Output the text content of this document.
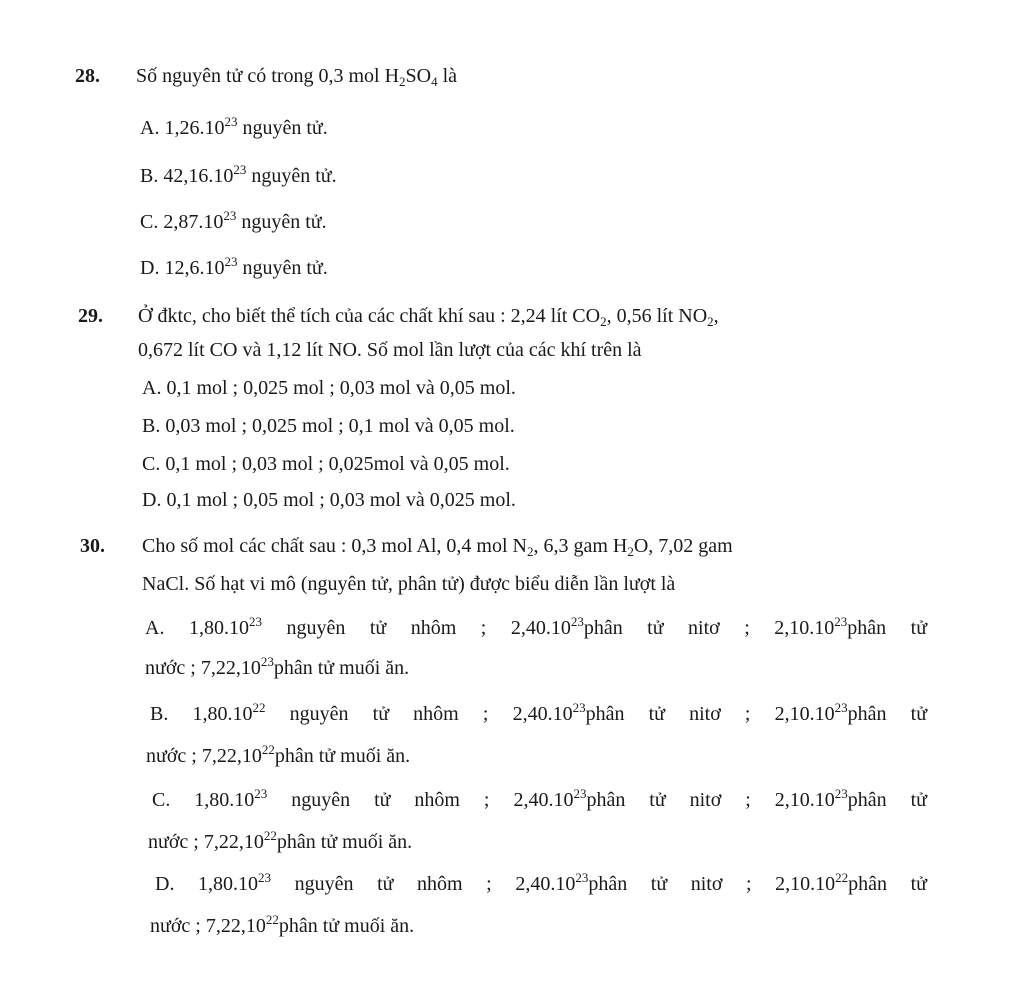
28. Số nguyên tử có trong 0,3 mol $H_2SO_4$ là
A. 1,26.10$^{23}$ nguyên tử.
B. 42,16.10$^{23}$ nguyên tử.
C. 2,87.10$^{23}$ nguyên tử.
D. 12,6.10$^{23}$ nguyên tử.
29. Ở đktc, cho biết thể tích của các chất khí sau : 2,24 lít $CO_2$, 0,56 lít $NO_2$,
0,672 lít CO và 1,12 lít NO. Số mol lần lượt của các khí trên là
A. 0,1 mol ; 0,025 mol ; 0,03 mol và 0,05 mol.
B. 0,03 mol ; 0,025 mol ; 0,1 mol và 0,05 mol.
C. 0,1 mol ; 0,03 mol ; 0,025mol và 0,05 mol.
D. 0,1 mol ; 0,05 mol ; 0,03 mol và 0,025 mol.
30. Cho số mol các chất sau : 0,3 mol Al, 0,4 mol $N_2$, 6,3 gam $H_2O$, 7,02 gam
NaCl. Số hạt vi mô (nguyên tử, phân tử) được biểu diễn lần lượt là
A. 1,80.10$^{23}$ nguyên tử nhôm ; 2,40.10$^{23}$phân tử nitơ ; 2,10.10$^{23}$phân tử
nước ; 7,22,10$^{23}$phân tử muối ăn.
B. 1,80.10$^{22}$ nguyên tử nhôm ; 2,40.10$^{23}$phân tử nitơ ; 2,10.10$^{23}$phân tử
nước ; 7,22,10$^{22}$phân tử muối ăn.
C. 1,80.10$^{23}$ nguyên tử nhôm ; 2,40.10$^{23}$phân tử nitơ ; 2,10.10$^{23}$phân tử
nước ; 7,22,10$^{22}$phân tử muối ăn.
D. 1,80.10$^{23}$ nguyên tử nhôm ; 2,40.10$^{23}$phân tử nitơ ; 2,10.10$^{22}$phân tử
nước ; 7,22,10$^{22}$phân tử muối ăn.
